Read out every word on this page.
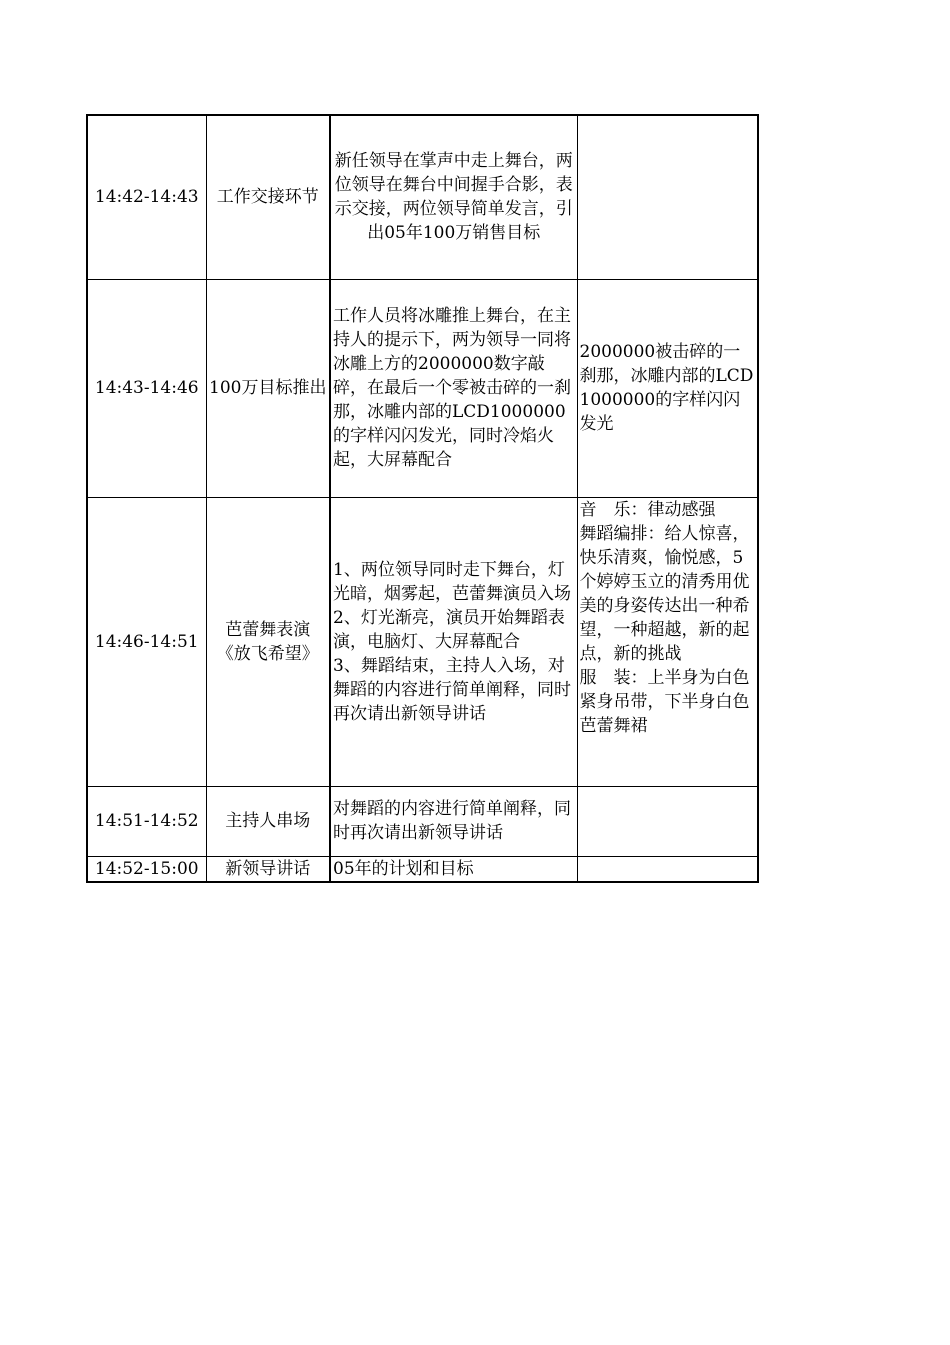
14:42-14:43	工作交接环节	新任领导在掌声中走上舞台，两位领导在舞台中间握手合影，表示交接，两位领导简单发言，引出05年100万销售目标	
14:43-14:46	100万目标推出	工作人员将冰雕推上舞台，在主持人的提示下，两为领导一同将冰雕上方的2000000数字敲碎，在最后一个零被击碎的一刹那，冰雕内部的LCD1000000的字样闪闪发光，同时冷焰火起，大屏幕配合	2000000被击碎的一刹那，冰雕内部的LCD1000000的字样闪闪发光
14:46-14:51	芭蕾舞表演《放飞希望》	1、两位领导同时走下舞台，灯光暗，烟雾起，芭蕾舞演员入场
2、灯光渐亮，演员开始舞蹈表演，电脑灯、大屏幕配合
3、舞蹈结束，主持人入场，对舞蹈的内容进行简单阐释，同时再次请出新领导讲话	音　乐：律动感强
舞蹈编排：给人惊喜，快乐清爽，愉悦感，5个婷婷玉立的清秀用优美的身姿传达出一种希望，一种超越，新的起点，新的挑战
服　装：上半身为白色紧身吊带，下半身白色芭蕾舞裙
14:51-14:52	主持人串场	对舞蹈的内容进行简单阐释，同时再次请出新领导讲话	
14:52-15:00	新领导讲话	05年的计划和目标	
